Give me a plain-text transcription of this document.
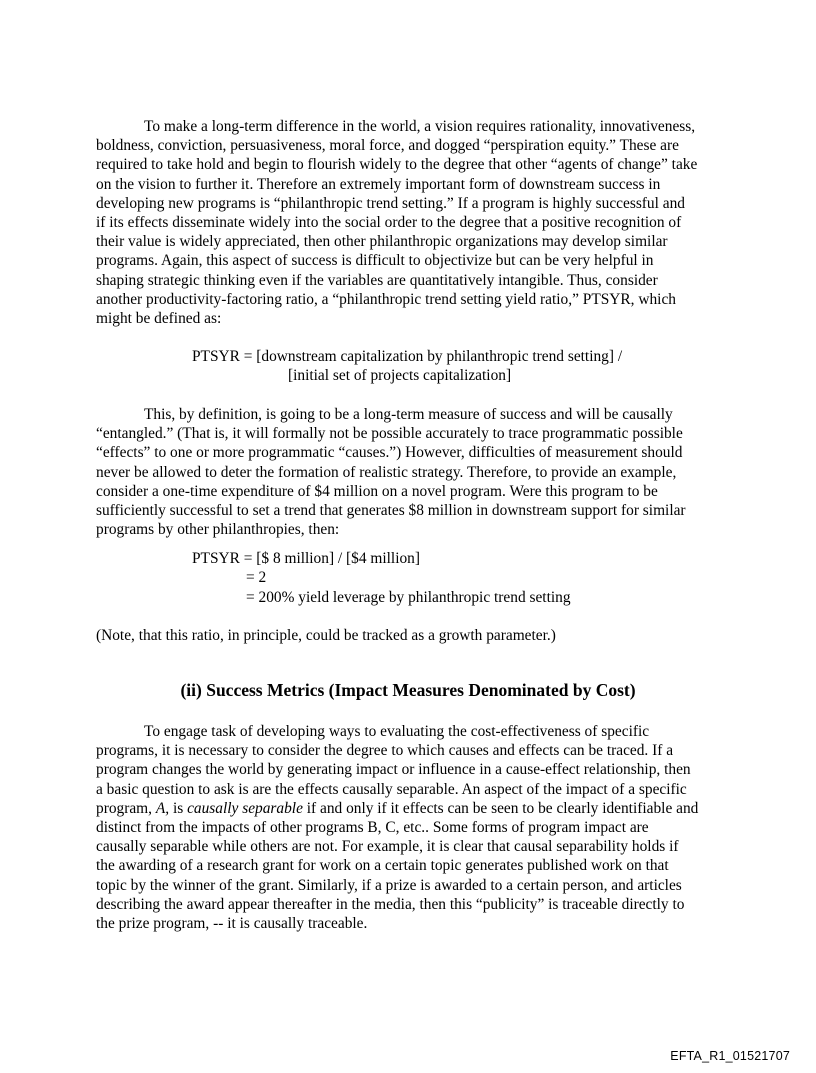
To make a long-term difference in the world, a vision requires rationality, innovativeness,
boldness, conviction, persuasiveness, moral force, and dogged “perspiration equity.” These are
required to take hold and begin to flourish widely to the degree that other “agents of change” take
on the vision to further it. Therefore an extremely important form of downstream success in
developing new programs is “philanthropic trend setting.” If a program is highly successful and
if its effects disseminate widely into the social order to the degree that a positive recognition of
their value is widely appreciated, then other philanthropic organizations may develop similar
programs. Again, this aspect of success is difficult to objectivize but can be very helpful in
shaping strategic thinking even if the variables are quantitatively intangible. Thus, consider
another productivity-factoring ratio, a “philanthropic trend setting yield ratio,” PTSYR, which
might be defined as:
PTSYR = [downstream capitalization by philanthropic trend setting] /
[initial set of projects capitalization]
This, by definition, is going to be a long-term measure of success and will be causally
“entangled.” (That is, it will formally not be possible accurately to trace programmatic possible
“effects” to one or more programmatic “causes.”) However, difficulties of measurement should
never be allowed to deter the formation of realistic strategy. Therefore, to provide an example,
consider a one-time expenditure of $4 million on a novel program. Were this program to be
sufficiently successful to set a trend that generates $8 million in downstream support for similar
programs by other philanthropies, then:
PTSYR = [$ 8 million] / [$4 million]
= 2
= 200% yield leverage by philanthropic trend setting
(Note, that this ratio, in principle, could be tracked as a growth parameter.)
(ii) Success Metrics (Impact Measures Denominated by Cost)
To engage task of developing ways to evaluating the cost-effectiveness of specific
programs, it is necessary to consider the degree to which causes and effects can be traced. If a
program changes the world by generating impact or influence in a cause-effect relationship, then
a basic question to ask is are the effects causally separable. An aspect of the impact of a specific
program, A, is causally separable if and only if it effects can be seen to be clearly identifiable and
distinct from the impacts of other programs B, C, etc.. Some forms of program impact are
causally separable while others are not. For example, it is clear that causal separability holds if
the awarding of a research grant for work on a certain topic generates published work on that
topic by the winner of the grant. Similarly, if a prize is awarded to a certain person, and articles
describing the award appear thereafter in the media, then this “publicity” is traceable directly to
the prize program, -- it is causally traceable.
EFTA_R1_01521707
